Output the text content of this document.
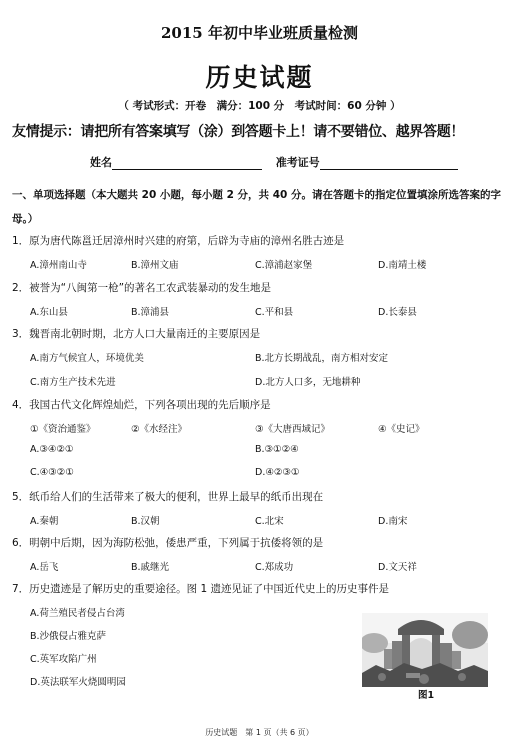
2015 年初中毕业班质量检测
历史试题
（ 考试形式：开卷　满分：100 分　考试时间：60 分钟 ）
友情提示：请把所有答案填写（涂）到答题卡上！请不要错位、越界答题！
姓名	准考证号
一、单项选择题（本大题共 20 小题，每小题 2 分，共 40 分。请在答题卡的指定位置填涂所选答案的字母。）
1．原为唐代陈邕迁居漳州时兴建的府第，后辟为寺庙的漳州名胜古迹是
A.漳州南山寺	B.漳州文庙	C.漳浦赵家堡	D.南靖土楼
2．被誉为“八闽第一枪”的著名工农武装暴动的发生地是
A.东山县	B.漳浦县	C.平和县	D.长泰县
3．魏晋南北朝时期，北方人口大量南迁的主要原因是
A.南方气候宜人，环境优美	B.北方长期战乱，南方相对安定
C.南方生产技术先进	D.北方人口多，无地耕种
4．我国古代文化辉煌灿烂，下列各项出现的先后顺序是
①《资治通鉴》	②《水经注》	③《大唐西域记》	④《史记》
A.③④②①	B.③①②④
C.④③②①	D.④②③①
5．纸币给人们的生活带来了极大的便利，世界上最早的纸币出现在
A.秦朝	B.汉朝	C.北宋	D.南宋
6．明朝中后期，因为海防松弛，倭患严重，下列属于抗倭将领的是
A.岳飞	B.戚继光	C.郑成功	D.文天祥
7．历史遗迹是了解历史的重要途径。图 1 遗迹见证了中国近代史上的历史事件是
A.荷兰殖民者侵占台湾
B.沙俄侵占雅克萨
C.英军攻陷广州
D.英法联军火烧圆明园
图1
历史试题　第 1 页（共 6 页）
